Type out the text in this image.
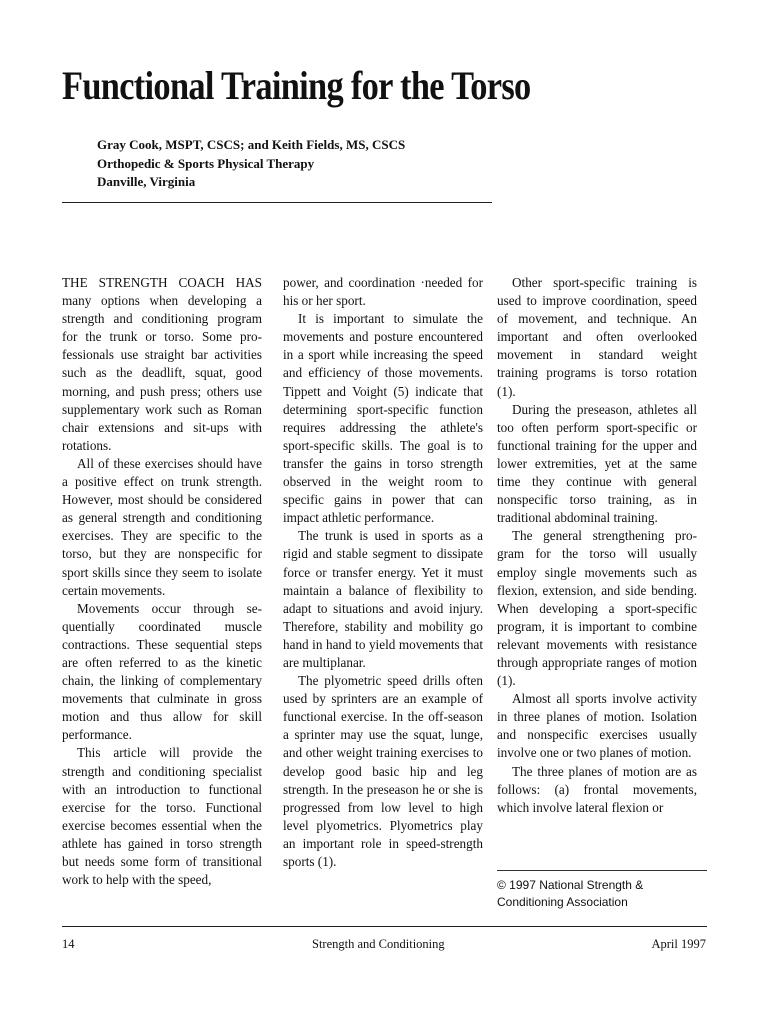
Functional Training for the Torso
Gray Cook, MSPT, CSCS; and Keith Fields, MS, CSCS
Orthopedic & Sports Physical Therapy
Danville, Virginia

THE STRENGTH COACH HAS many options when developing a strength and conditioning program for the trunk or torso. Some professionals use straight bar activities such as the deadlift, squat, good morning, and push press; others use supplementary work such as Roman chair extensions and sit-ups with rotations.

All of these exercises should have a positive effect on trunk strength. However, most should be considered as general strength and conditioning exercises. They are specific to the torso, but they are nonspecific for sport skills since they seem to isolate certain movements.

Movements occur through sequentially coordinated muscle contractions. These sequential steps are often referred to as the kinetic chain, the linking of complementary movements that culminate in gross motion and thus allow for skill performance.

This article will provide the strength and conditioning specialist with an introduction to functional exercise for the torso. Functional exercise becomes essential when the athlete has gained in torso strength but needs some form of transitional work to help with the speed,

power, and coordination ·needed for his or her sport.

It is important to simulate the movements and posture encountered in a sport while increasing the speed and efficiency of those movements. Tippett and Voight (5) indicate that determining sport-specific function requires addressing the athlete's sport-specific skills. The goal is to transfer the gains in torso strength observed in the weight room to specific gains in power that can impact athletic performance.

The trunk is used in sports as a rigid and stable segment to dissipate force or transfer energy. Yet it must maintain a balance of flexibility to adapt to situations and avoid injury. Therefore, stability and mobility go hand in hand to yield movements that are multiplanar.

The plyometric speed drills often used by sprinters are an example of functional exercise. In the off-season a sprinter may use the squat, lunge, and other weight training exercises to develop good basic hip and leg strength. In the preseason he or she is progressed from low level to high level plyometrics. Plyometrics play an important role in speed-strength sports (1).

Other sport-specific training is used to improve coordination, speed of movement, and technique. An important and often overlooked movement in standard weight training programs is torso rotation (1).

During the preseason, athletes all too often perform sport-specific or functional training for the upper and lower extremities, yet at the same time they continue with general nonspecific torso training, as in traditional abdominal training.

The general strengthening program for the torso will usually employ single movements such as flexion, extension, and side bending. When developing a sport-specific program, it is important to combine relevant movements with resistance through appropriate ranges of motion (1).

Almost all sports involve activity in three planes of motion. Isolation and nonspecific exercises usually involve one or two planes of motion.

The three planes of motion are as follows: (a) frontal movements, which involve lateral flexion or

© 1997 National Strength &
Conditioning Association
14	Strength and Conditioning	April 1997
